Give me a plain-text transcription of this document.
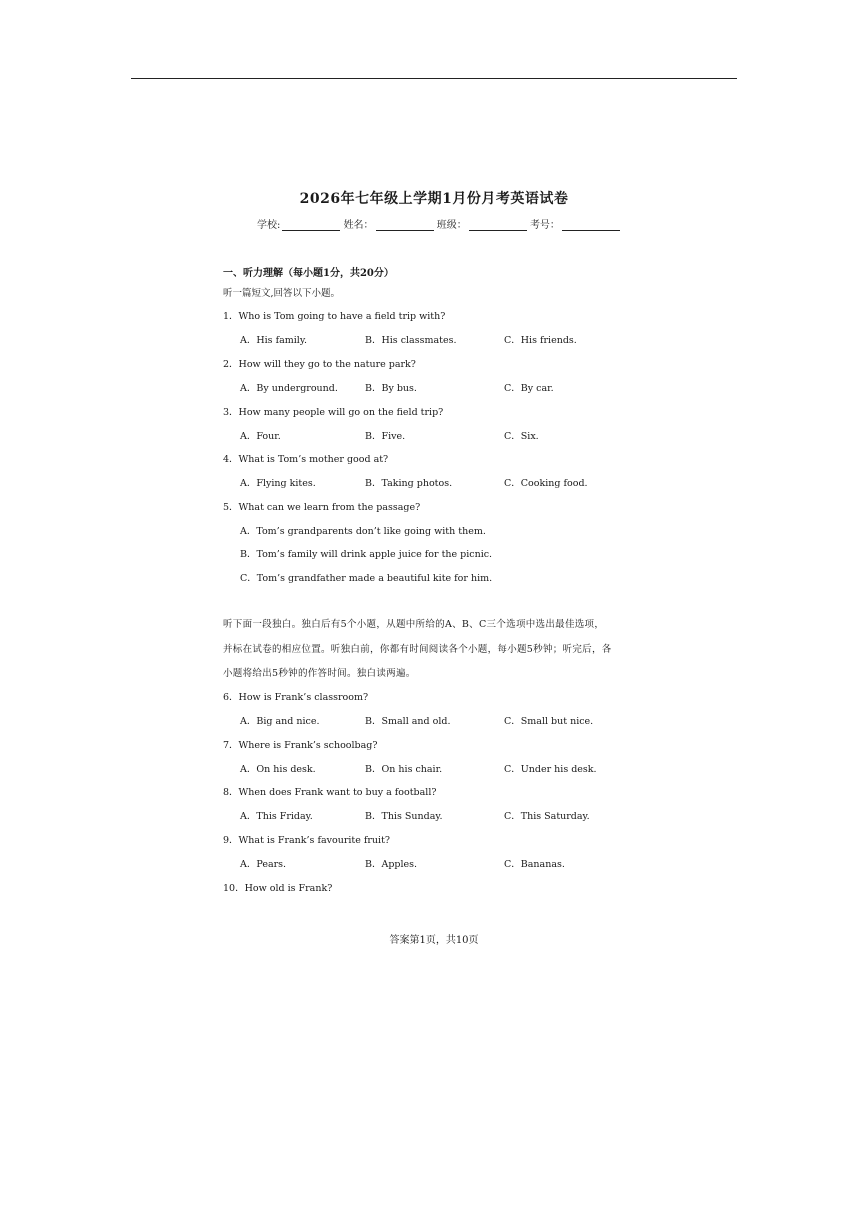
2026年七年级上学期1月份月考英语试卷
学校:	姓名：	班级：	考号：
一、听力理解（每小题1分，共20分）
听一篇短文,回答以下小题。
1．Who is Tom going to have a field trip with?
A．His family.	B．His classmates.	C．His friends.
2．How will they go to the nature park?
A．By underground.	B．By bus.	C．By car.
3．How many people will go on the field trip?
A．Four.	B．Five.	C．Six.
4．What is Tom’s mother good at?
A．Flying kites.	B．Taking photos.	C．Cooking food.
5．What can we learn from the passage?
A．Tom’s grandparents don’t like going with them.
B．Tom’s family will drink apple juice for the picnic.
C．Tom’s grandfather made a beautiful kite for him.
听下面一段独白。独白后有5个小题，从题中所给的A、B、C三个选项中选出最佳选项，
并标在试卷的相应位置。听独白前，你都有时间阅读各个小题，每小题5秒钟；听完后，各
小题将给出5秒钟的作答时间。独白读两遍。
6．How is Frank’s classroom?
A．Big and nice.	B．Small and old.	C．Small but nice.
7．Where is Frank’s schoolbag?
A．On his desk.	B．On his chair.	C．Under his desk.
8．When does Frank want to buy a football?
A．This Friday.	B．This Sunday.	C．This Saturday.
9．What is Frank’s favourite fruit?
A．Pears.	B．Apples.	C．Bananas.
10．How old is Frank?
答案第1页，共10页
